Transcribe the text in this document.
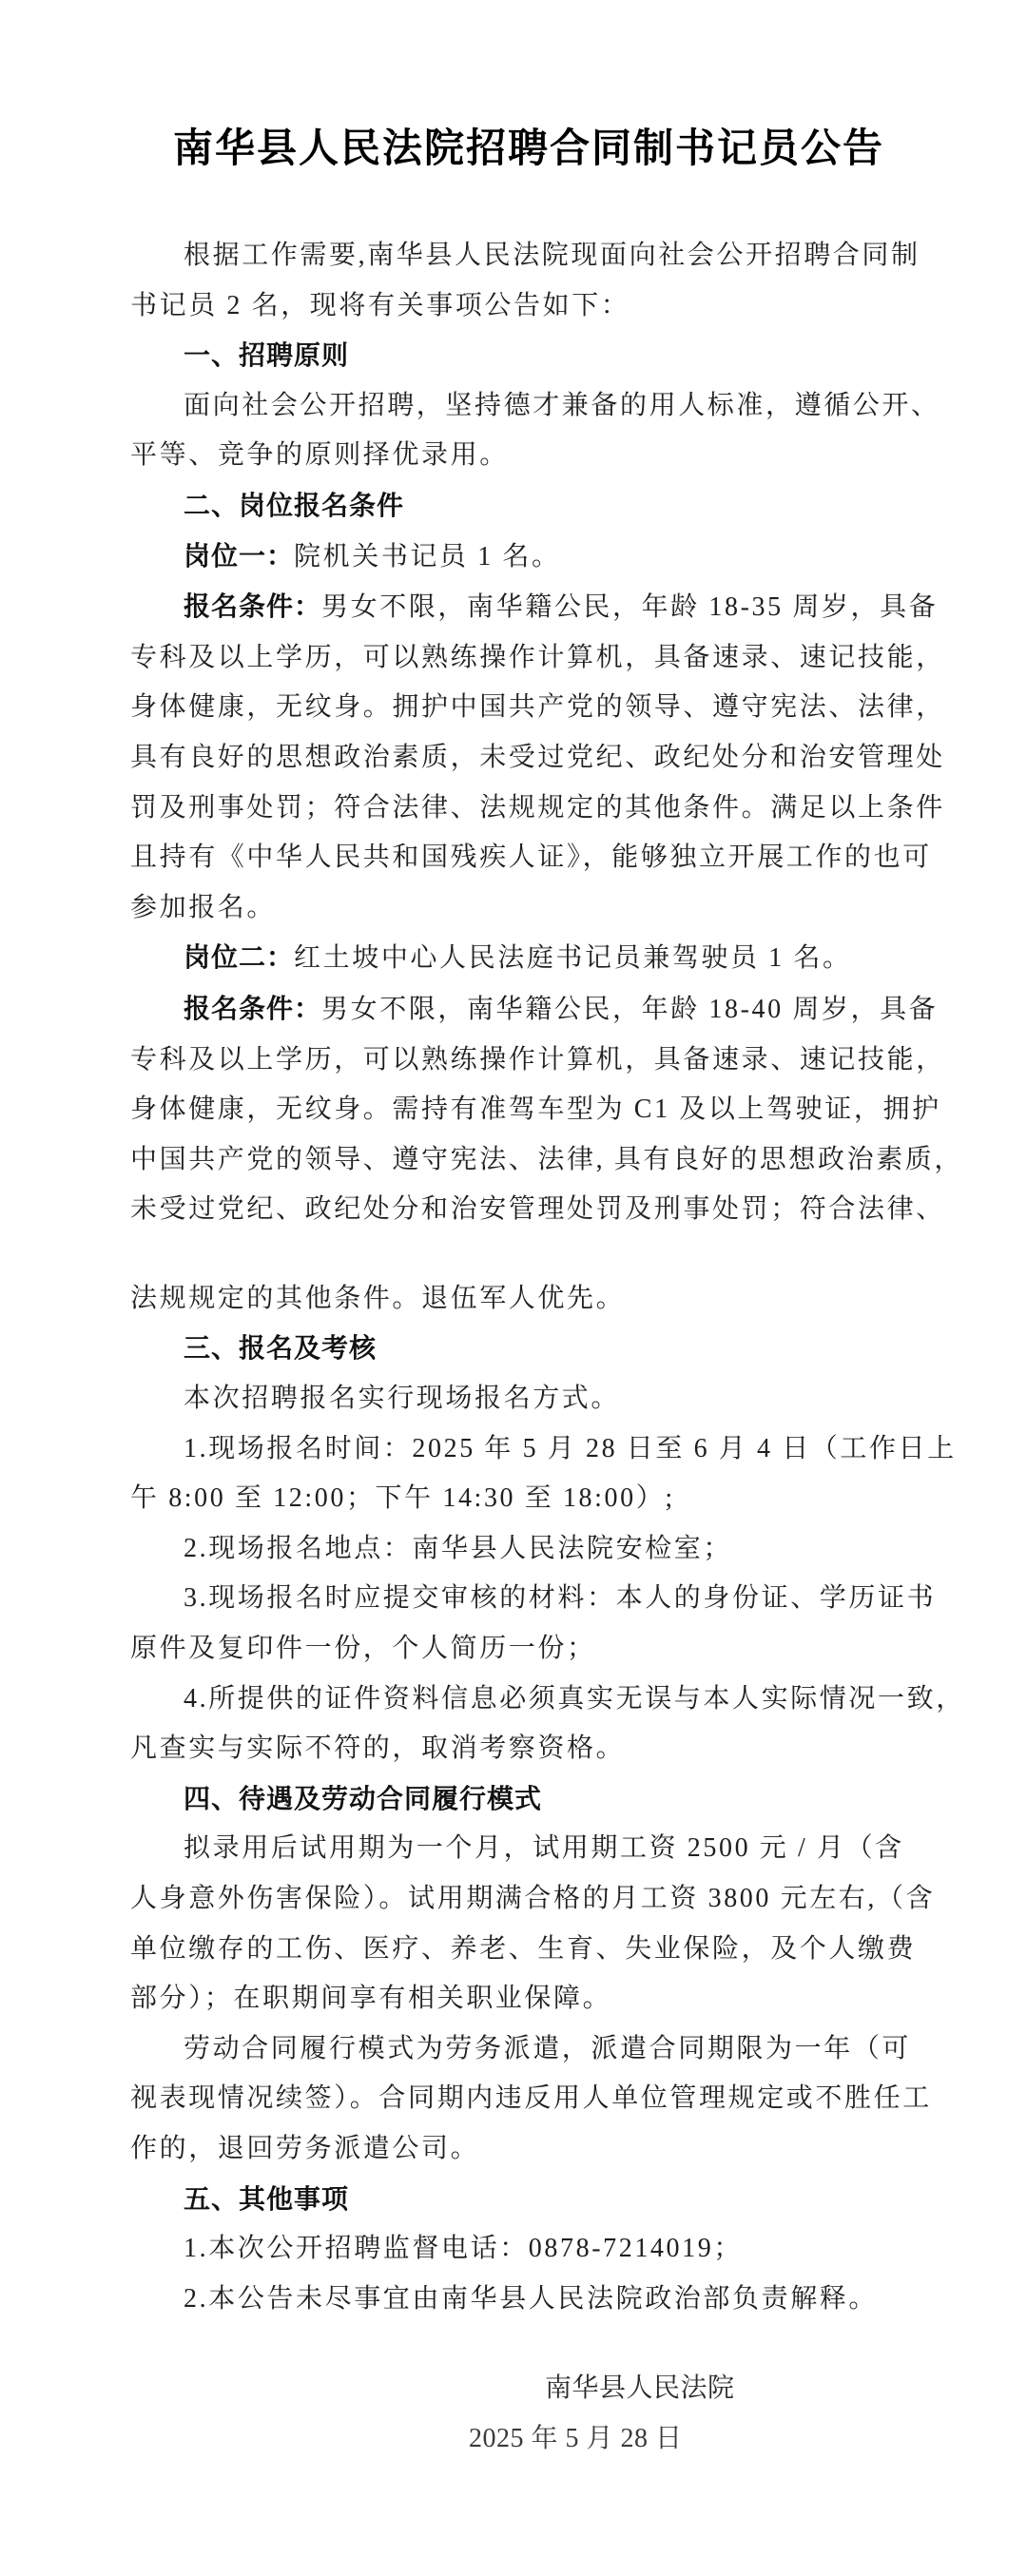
南华县人民法院招聘合同制书记员公告
根据工作需要,南华县人民法院现面向社会公开招聘合同制
书记员 2 名，现将有关事项公告如下：
一、招聘原则
面向社会公开招聘，坚持德才兼备的用人标准，遵循公开、
平等、竞争的原则择优录用。
二、岗位报名条件
岗位一：院机关书记员 1 名。
报名条件：男女不限，南华籍公民，年龄 18-35 周岁，具备
专科及以上学历，可以熟练操作计算机，具备速录、速记技能，
身体健康，无纹身。拥护中国共产党的领导、遵守宪法、法律，
具有良好的思想政治素质，未受过党纪、政纪处分和治安管理处
罚及刑事处罚；符合法律、法规规定的其他条件。满足以上条件
且持有《中华人民共和国残疾人证》，能够独立开展工作的也可
参加报名。
岗位二：红土坡中心人民法庭书记员兼驾驶员 1 名。
报名条件：男女不限，南华籍公民，年龄 18-40 周岁，具备
专科及以上学历，可以熟练操作计算机，具备速录、速记技能，
身体健康，无纹身。需持有准驾车型为 C1 及以上驾驶证，拥护
中国共产党的领导、遵守宪法、法律, 具有良好的思想政治素质，
未受过党纪、政纪处分和治安管理处罚及刑事处罚；符合法律、
法规规定的其他条件。退伍军人优先。
三、报名及考核
本次招聘报名实行现场报名方式。
1.现场报名时间：2025 年 5 月 28 日至 6 月 4 日（工作日上
午 8:00 至 12:00；下午 14:30 至 18:00）;
2.现场报名地点：南华县人民法院安检室；
3.现场报名时应提交审核的材料：本人的身份证、学历证书
原件及复印件一份，个人简历一份；
4.所提供的证件资料信息必须真实无误与本人实际情况一致，
凡查实与实际不符的，取消考察资格。
四、待遇及劳动合同履行模式
拟录用后试用期为一个月，试用期工资 2500 元 / 月（含
人身意外伤害保险）。试用期满合格的月工资 3800 元左右,（含
单位缴存的工伤、医疗、养老、生育、失业保险，及个人缴费
部分）；在职期间享有相关职业保障。
劳动合同履行模式为劳务派遣，派遣合同期限为一年（可
视表现情况续签）。合同期内违反用人单位管理规定或不胜任工
作的，退回劳务派遣公司。
五、其他事项
1.本次公开招聘监督电话：0878-7214019；
2.本公告未尽事宜由南华县人民法院政治部负责解释。
南华县人民法院
2025 年 5 月 28 日
